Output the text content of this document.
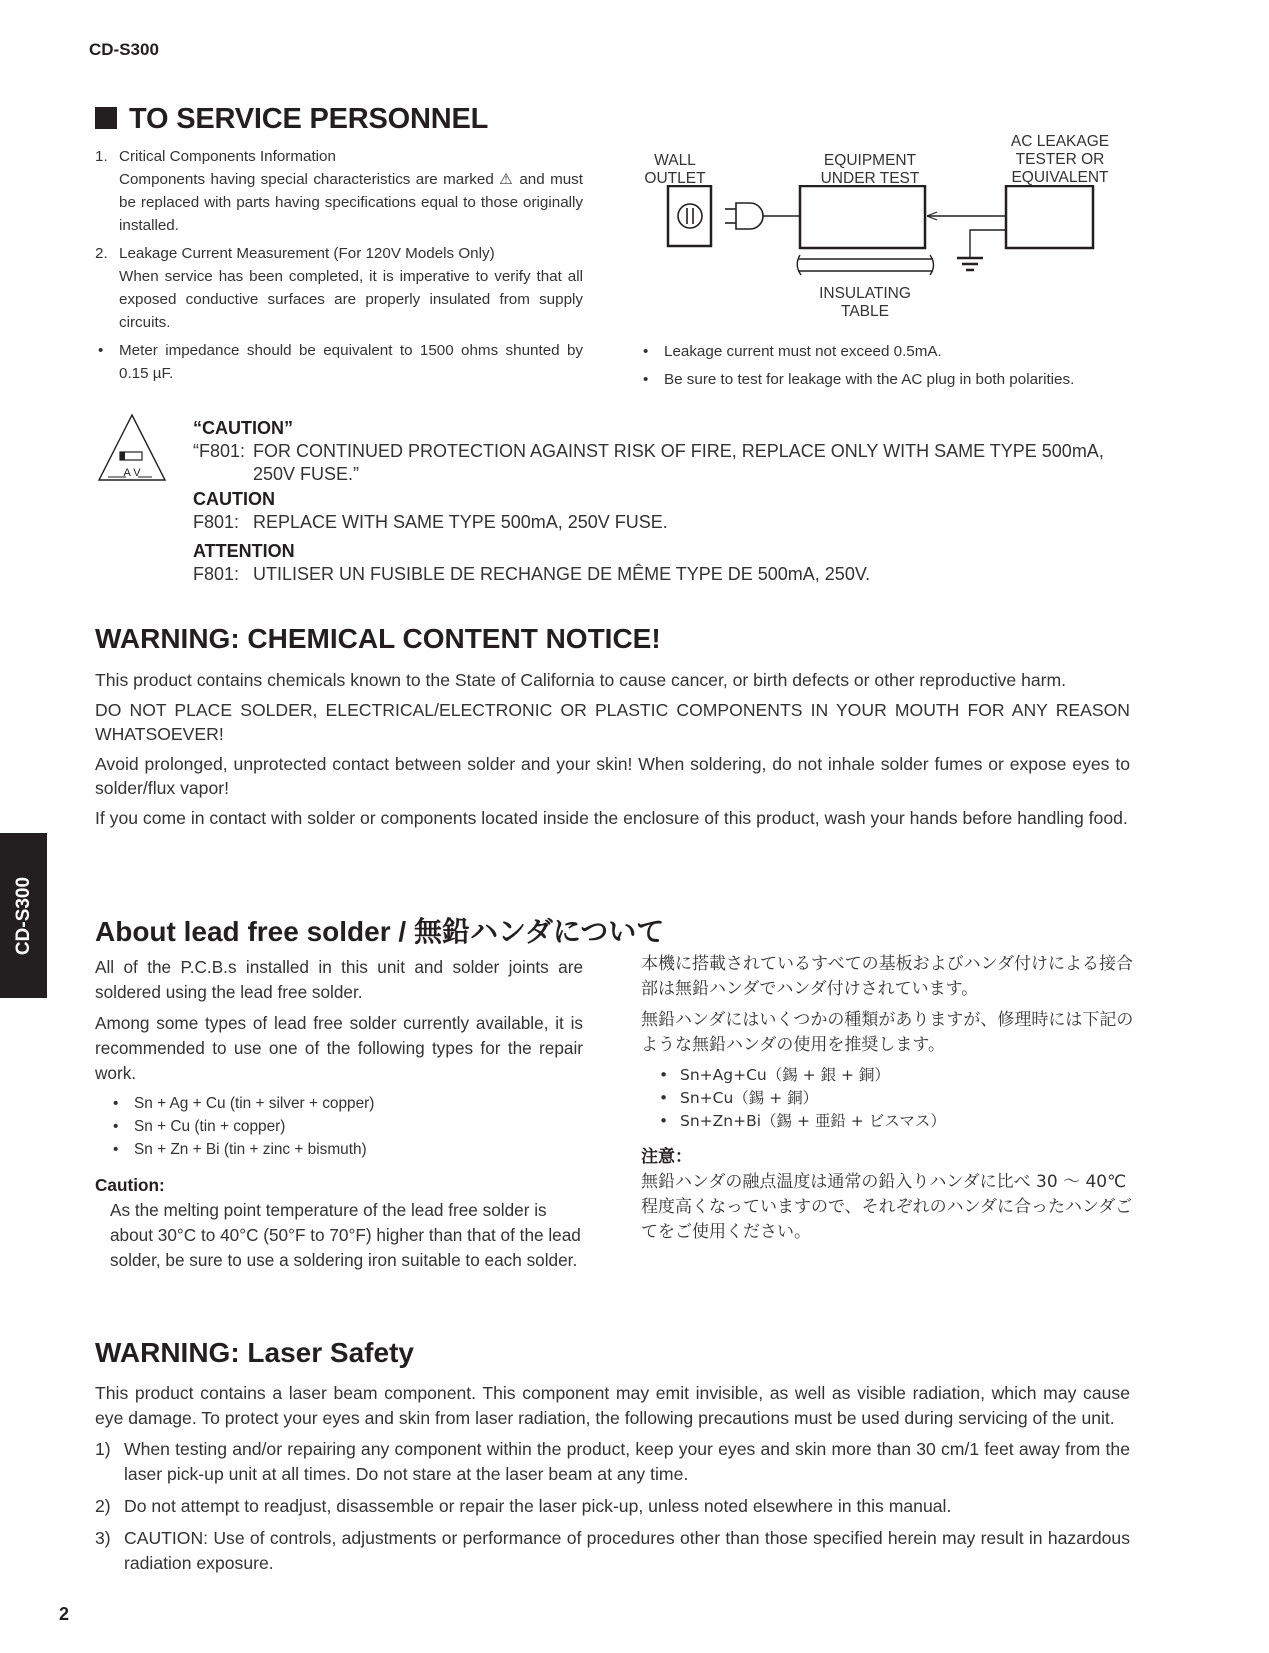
CD-S300
CD-S300
TO SERVICE PERSONNEL
1. Critical Components Information
Components having special characteristics are marked ⚠ and must be replaced with parts having specifications equal to those originally installed.
2. Leakage Current Measurement (For 120V Models Only)
When service has been completed, it is imperative to verify that all exposed conductive surfaces are properly insulated from supply circuits.
• Meter impedance should be equivalent to 1500 ohms shunted by 0.15 µF.
WALL
OUTLET
EQUIPMENT
UNDER TEST
AC LEAKAGE
TESTER OR
EQUIVALENT
INSULATING
TABLE
• Leakage current must not exceed 0.5mA.
• Be sure to test for leakage with the AC plug in both polarities.
A V
“CAUTION”
“F801: FOR CONTINUED PROTECTION AGAINST RISK OF FIRE, REPLACE ONLY WITH SAME TYPE 500mA, 250V FUSE.”
CAUTION
F801: REPLACE WITH SAME TYPE 500mA, 250V FUSE.
ATTENTION
F801: UTILISER UN FUSIBLE DE RECHANGE DE MÊME TYPE DE 500mA, 250V.
WARNING: CHEMICAL CONTENT NOTICE!

This product contains chemicals known to the State of California to cause cancer, or birth defects or other reproductive harm.

DO NOT PLACE SOLDER, ELECTRICAL/ELECTRONIC OR PLASTIC COMPONENTS IN YOUR MOUTH FOR ANY REASON WHATSOEVER!

Avoid prolonged, unprotected contact between solder and your skin! When soldering, do not inhale solder fumes or expose eyes to solder/flux vapor!

If you come in contact with solder or components located inside the enclosure of this product, wash your hands before handling food.

About lead free solder / 無鉛ハンダについて

All of the P.C.B.s installed in this unit and solder joints are soldered using the lead free solder.

Among some types of lead free solder currently available, it is recommended to use one of the following types for the repair work.

• Sn + Ag + Cu (tin + silver + copper)
• Sn + Cu (tin + copper)
• Sn + Zn + Bi (tin + zinc + bismuth)
Caution:
As the melting point temperature of the lead free solder is about 30°C to 40°C (50°F to 70°F) higher than that of the lead solder, be sure to use a soldering iron suitable to each solder.

本機に搭載されているすべての基板およびハンダ付けによる接合部は無鉛ハンダでハンダ付けされています。

無鉛ハンダにはいくつかの種類がありますが、修理時には下記のような無鉛ハンダの使用を推奨します。

• Sn+Ag+Cu（錫 + 銀 + 銅）
• Sn+Cu（錫 + 銅）
• Sn+Zn+Bi（錫 + 亜鉛 + ビスマス）
注意：
無鉛ハンダの融点温度は通常の鉛入りハンダに比べ 30 ～ 40℃程度高くなっていますので、それぞれのハンダに合ったハンダごてをご使用ください。
WARNING: Laser Safety

This product contains a laser beam component. This component may emit invisible, as well as visible radiation, which may cause eye damage. To protect your eyes and skin from laser radiation, the following precautions must be used during servicing of the unit.

1) When testing and/or repairing any component within the product, keep your eyes and skin more than 30 cm/1 feet away from the laser pick-up unit at all times. Do not stare at the laser beam at any time.
2) Do not attempt to readjust, disassemble or repair the laser pick-up, unless noted elsewhere in this manual.
3) CAUTION: Use of controls, adjustments or performance of procedures other than those specified herein may result in hazardous radiation exposure.
2
